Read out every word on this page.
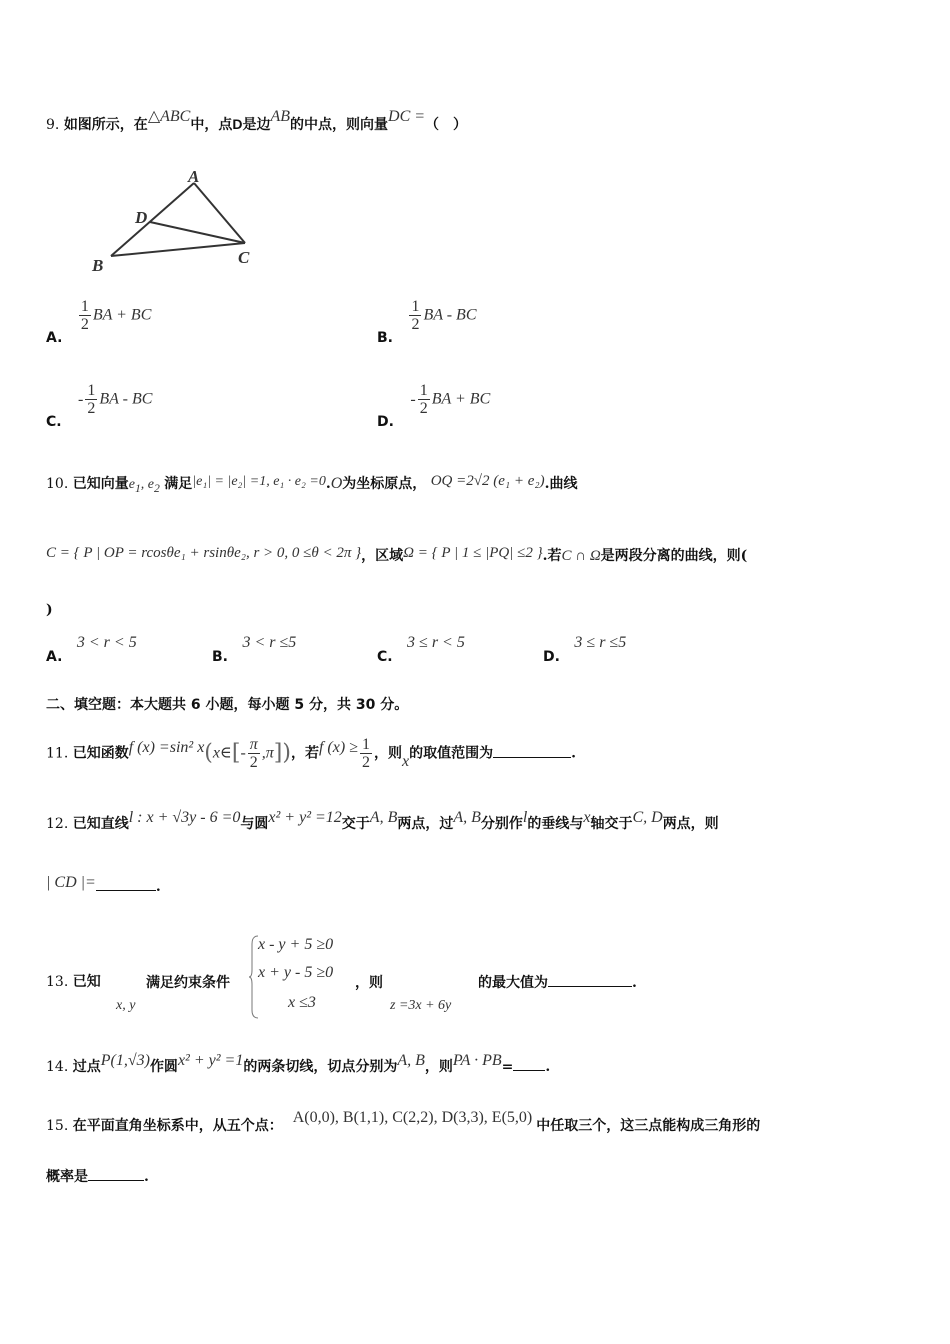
9. 如图所示，在△ABC中，点D是边AB的中点，则向量DC =（　）
A
B	C
D
A.
$\frac{1}{2}$ BA + BC
B.
$\frac{1}{2}$ BA - BC
C. - $\frac{1}{2}$ BA - BC
D. - $\frac{1}{2}$ BA + BC
10. 已知向量$e_1$, $e_2$ 满足|e₁| = |e₂| =1, e₁ · e₂ =0.O为坐标原点， OQ =2√2 (e₁ + e₂).曲线
C = { P | OP = rcosθe₁ + rsinθe₂, r > 0, 0 ≤θ < 2π }，区域Ω = { P | 1 ≤ |PQ| ≤2 }.若C ∩ Ω是两段分离的曲线，则(
)
A. 3 < r < 5
B. 3 < r ≤5
C. 3 ≤ r < 5
D. 3 ≤ r ≤5
二、填空题：本大题共 6 小题，每小题 5 分，共 30 分。
11. 已知函数f (x) =sin² x(x∈[- $\frac{\pi}{2} ,\pi$])，若f $(x) \ge \frac{1}{2}$ ，则x的取值范围为	.
12. 已知直线l : x + √3y - 6 =0与圆x² + y² =12交于A, B两点，过A, B分别作l的垂线与x轴交于C, D两点，则
| CD |=	.
13. 已知
x, y
满足约束条件
x - y + 5 ≥0
x + y - 5 ≥0
x ≤3
，则
z =3x + 6y
的最大值为	.
14. 过点P(1,√3)作圆x² + y² =1的两条切线，切点分别为A, B，则PA · PB= .
15. 在平面直角坐标系中，从五个点： A(0,0), B(1,1), C(2,2), D(3,3), E(5,0) 中任取三个，这三点能构成三角形的
概率是	.
